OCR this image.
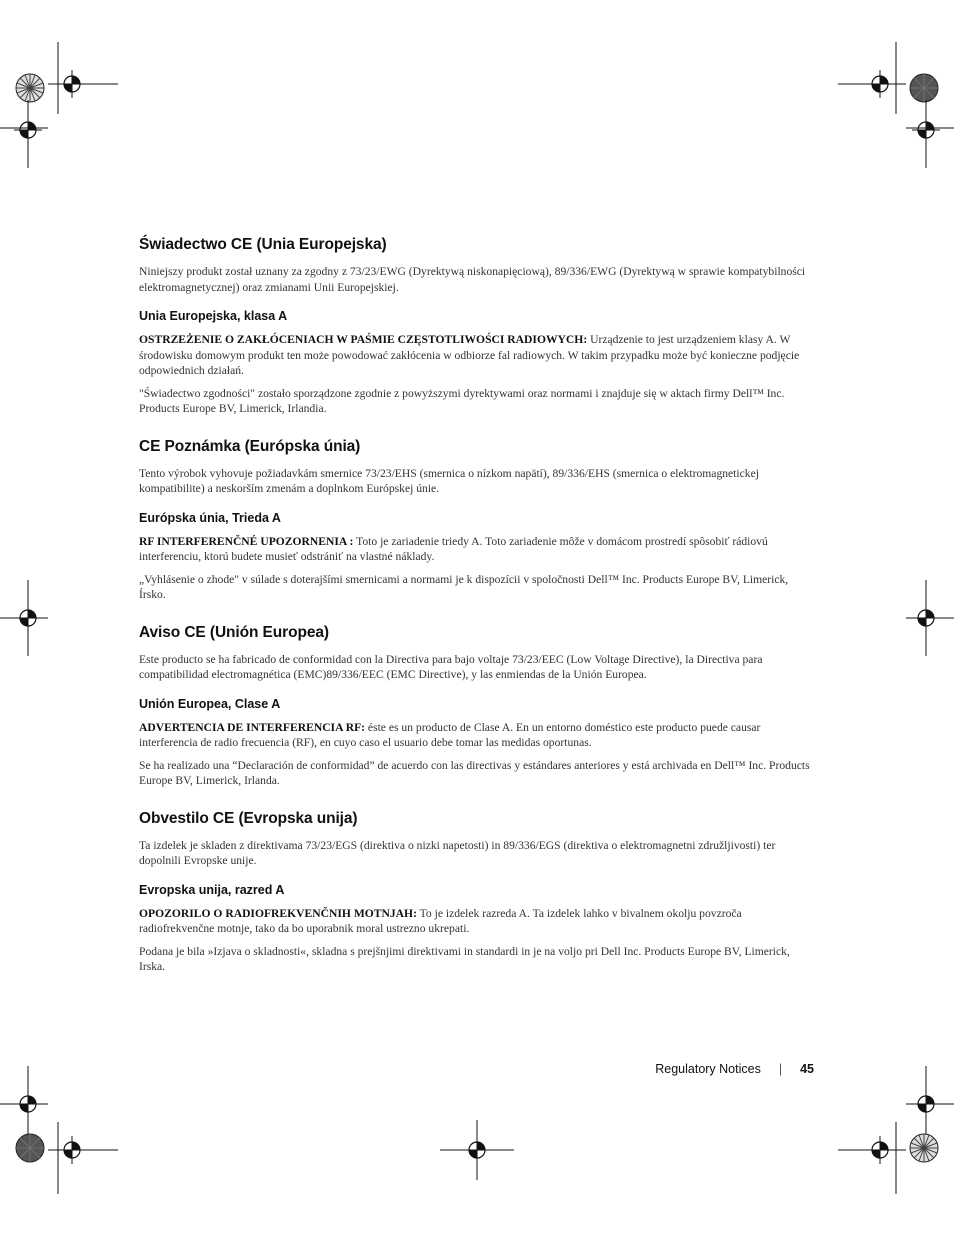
Świadectwo CE (Unia Europejska)

Niniejszy produkt został uznany za zgodny z 73/23/EWG (Dyrektywą niskonapięciową), 89/336/EWG (Dyrektywą w sprawie kompatybilności elektromagnetycznej) oraz zmianami Unii Europejskiej.

Unia Europejska, klasa A

OSTRZEŻENIE O ZAKŁÓCENIACH W PAŚMIE CZĘSTOTLIWOŚCI RADIOWYCH: Urządzenie to jest urządzeniem klasy A. W środowisku domowym produkt ten może powodować zakłócenia w odbiorze fal radiowych. W takim przypadku może być konieczne podjęcie odpowiednich działań.

"Świadectwo zgodności" zostało sporządzone zgodnie z powyższymi dyrektywami oraz normami i znajduje się w aktach firmy Dell™ Inc. Products Europe BV, Limerick, Irlandia.

CE Poznámka (Európska únia)

Tento výrobok vyhovuje požiadavkám smernice 73/23/EHS (smernica o nízkom napätí), 89/336/EHS (smernica o elektromagnetickej kompatibilite) a neskorším zmenám a doplnkom Európskej únie.

Európska únia, Trieda A

RF INTERFERENČNÉ UPOZORNENIA : Toto je zariadenie triedy A. Toto zariadenie môže v domácom prostredí spôsobiť rádiovú interferenciu, ktorú budete musieť odstrániť na vlastné náklady.

„Vyhlásenie o zhode" v súlade s doterajšími smernicami a normami je k dispozícii v spoločnosti Dell™ Inc. Products Europe BV, Limerick, Írsko.

Aviso CE (Unión Europea)

Este producto se ha fabricado de conformidad con la Directiva para bajo voltaje 73/23/EEC (Low Voltage Directive), la Directiva para compatibilidad electromagnética (EMC)89/336/EEC (EMC Directive), y las enmiendas de la Unión Europea.

Unión Europea, Clase A

ADVERTENCIA DE INTERFERENCIA RF: éste es un producto de Clase A. En un entorno doméstico este producto puede causar interferencia de radio frecuencia (RF), en cuyo caso el usuario debe tomar las medidas oportunas.

Se ha realizado una “Declaración de conformidad” de acuerdo con las directivas y estándares anteriores y está archivada en Dell™ Inc. Products Europe BV, Limerick, Irlanda.

Obvestilo CE (Evropska unija)

Ta izdelek je skladen z direktivama 73/23/EGS (direktiva o nizki napetosti) in 89/336/EGS (direktiva o elektromagnetni združljivosti) ter dopolnili Evropske unije.

Evropska unija, razred A

OPOZORILO O RADIOFREKVENČNIH MOTNJAH: To je izdelek razreda A. Ta izdelek lahko v bivalnem okolju povzroča radiofrekvenčne motnje, tako da bo uporabnik moral ustrezno ukrepati.

Podana je bila »Izjava o skladnosti«, skladna s prejšnjimi direktivami in standardi in je na voljo pri Dell Inc. Products Europe BV, Limerick, Irska.

Regulatory Notices | 45
